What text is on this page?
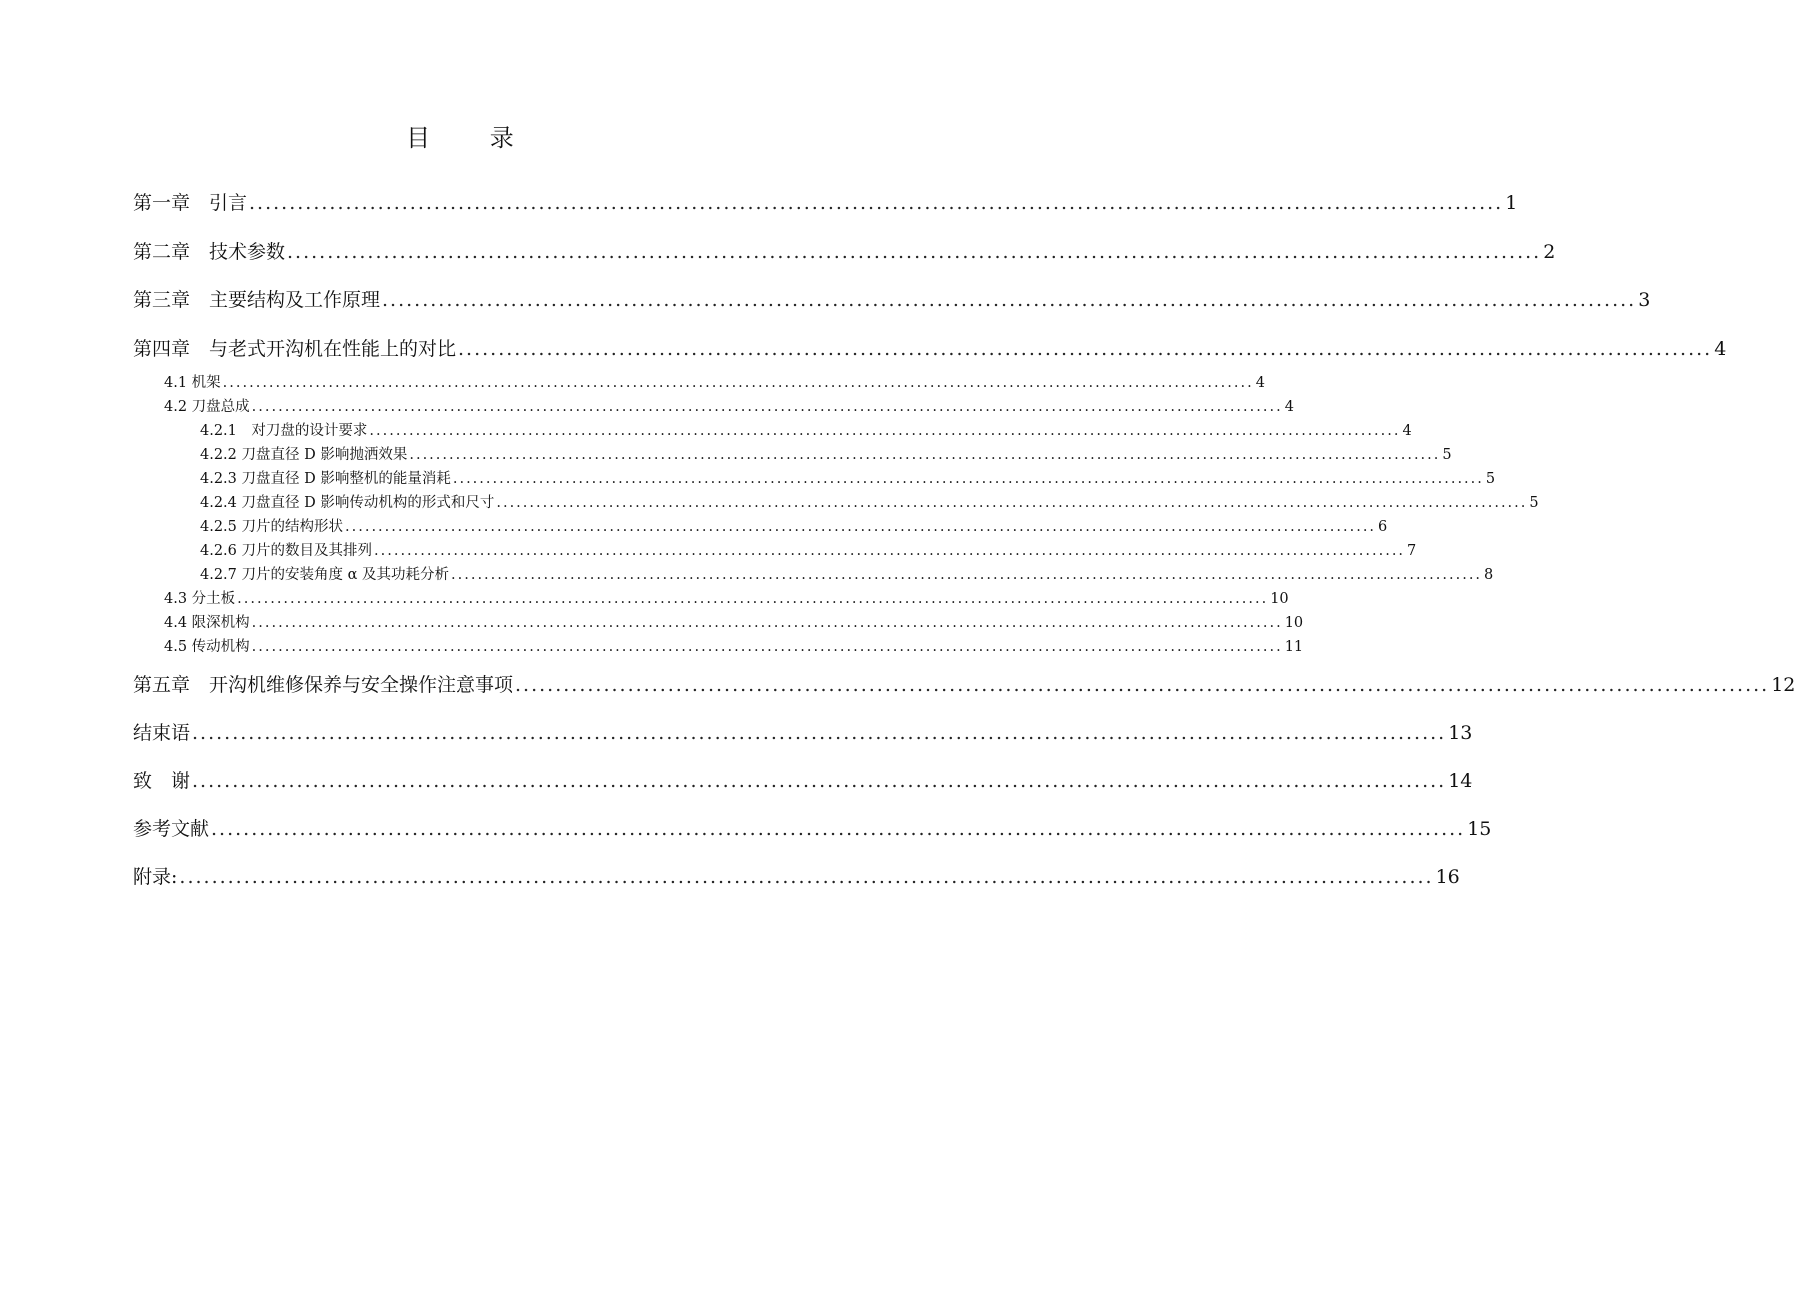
目 录
第一章　引言 ............................................................................................................................................................ 1
第二章　技术参数 ............................................................................................................................................................ 2
第三章　主要结构及工作原理 ............................................................................................................................................................ 3
第四章　与老式开沟机在性能上的对比 ............................................................................................................................................................ 4
4.1 机架 ............................................................................................................................................................ 4
4.2 刀盘总成 ............................................................................................................................................................ 4
4.2.1　对刀盘的设计要求 ............................................................................................................................................................ 4
4.2.2 刀盘直径 D 影响抛洒效果 ............................................................................................................................................................ 5
4.2.3 刀盘直径 D 影响整机的能量消耗 ............................................................................................................................................................ 5
4.2.4 刀盘直径 D 影响传动机构的形式和尺寸 ............................................................................................................................................................ 5
4.2.5 刀片的结构形状 ............................................................................................................................................................ 6
4.2.6 刀片的数目及其排列 ............................................................................................................................................................ 7
4.2.7 刀片的安装角度 α 及其功耗分析 ............................................................................................................................................................ 8
4.3 分土板 ............................................................................................................................................................ 10
4.4 限深机构 ............................................................................................................................................................ 10
4.5 传动机构 ............................................................................................................................................................ 11
第五章　开沟机维修保养与安全操作注意事项 ............................................................................................................................................................ 12
结束语 ............................................................................................................................................................ 13
致　谢 ............................................................................................................................................................ 14
参考文献 ............................................................................................................................................................ 15
附录: ............................................................................................................................................................ 16
